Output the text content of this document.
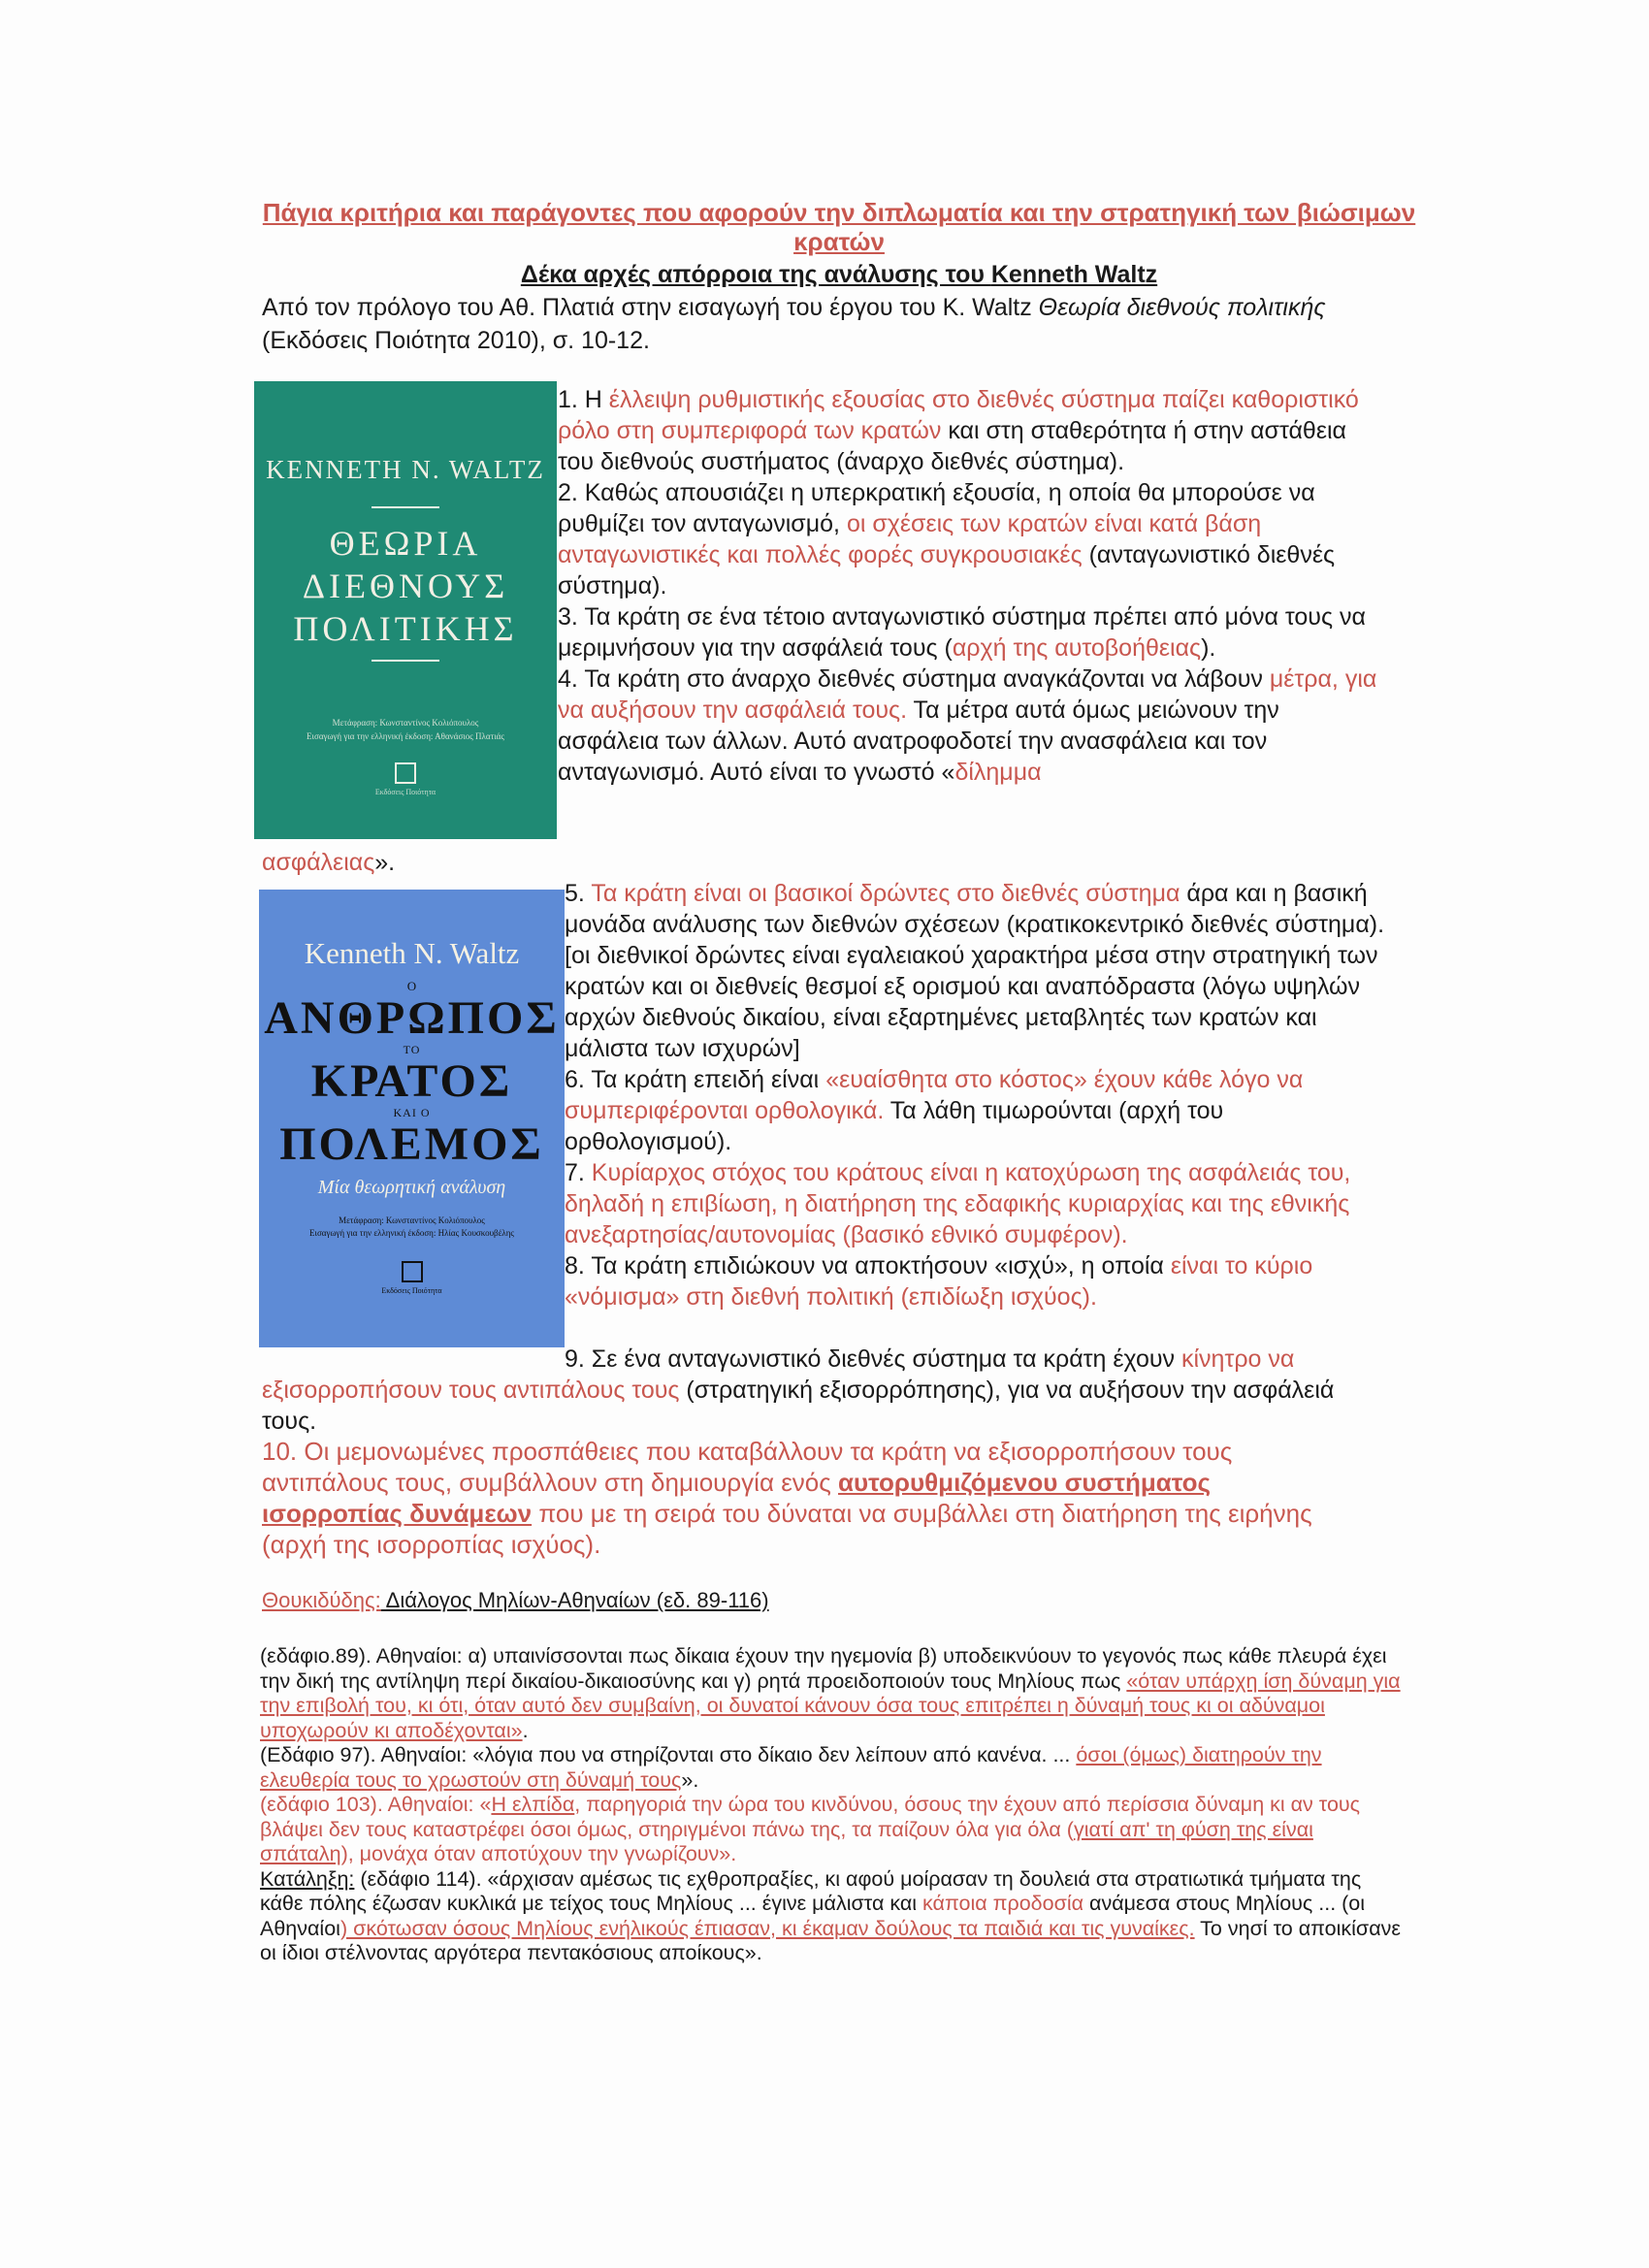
Πάγια κριτήρια και παράγοντες που αφορούν την διπλωματία και την στρατηγική των βιώσιμων κρατών
Δέκα αρχές απόρροια της ανάλυσης του Kenneth Waltz
Από τον πρόλογο του Αθ. Πλατιά στην εισαγωγή του έργου του Κ. Waltz Θεωρία διεθνούς πολιτικής (Εκδόσεις Ποιότητα 2010), σ. 10-12.
KENNETH N. WALTZ
ΘΕΩΡΙΑ
ΔΙΕΘΝΟΥΣ
ΠΟΛΙΤΙΚΗΣ
Μετάφραση: Κωνσταντίνος Κολιόπουλος
Εισαγωγή για την ελληνική έκδοση: Αθανάσιος Πλατιάς
Εκδόσεις Ποιότητα
Kenneth N. Waltz
Ο
ΑΝΘΡΩΠΟΣ
ΤΟ
ΚΡΑΤΟΣ
ΚΑΙ Ο
ΠΟΛΕΜΟΣ
Μία θεωρητική ανάλυση
Μετάφραση: Κωνσταντίνος Κολιόπουλος
Εισαγωγή για την ελληνική έκδοση: Ηλίας Κουσκουβέλης
Εκδόσεις Ποιότητα
1. Η έλλειψη ρυθμιστικής εξουσίας στο διεθνές σύστημα παίζει καθοριστικό ρόλο στη συμπεριφορά των κρατών και στη σταθερότητα ή στην αστάθεια του διεθνούς συστήματος (άναρχο διεθνές σύστημα).
2. Καθώς απουσιάζει η υπερκρατική εξουσία, η οποία θα μπορούσε να ρυθμίζει τον ανταγωνισμό, οι σχέσεις των κρατών είναι κατά βάση ανταγωνιστικές και πολλές φορές συγκρουσιακές (ανταγωνιστικό διεθνές σύστημα).
3. Τα κράτη σε ένα τέτοιο ανταγωνιστικό σύστημα πρέπει από μόνα τους να μεριμνήσουν για την ασφάλειά τους (αρχή της αυτοβοήθειας).
4. Τα κράτη στο άναρχο διεθνές σύστημα αναγκάζονται να λάβουν μέτρα, για να αυξήσουν την ασφάλειά τους. Τα μέτρα αυτά όμως μειώνουν την ασφάλεια των άλλων. Αυτό ανατροφοδοτεί την ανασφάλεια και τον ανταγωνισμό. Αυτό είναι το γνωστό «δίλημμα
ασφάλειας».
5. Τα κράτη είναι οι βασικοί δρώντες στο διεθνές σύστημα άρα και η βασική μονάδα ανάλυσης των διεθνών σχέσεων (κρατικοκεντρικό διεθνές σύστημα). [οι διεθνικοί δρώντες είναι εγαλειακού χαρακτήρα μέσα στην στρατηγική των κρατών και οι διεθνείς θεσμοί εξ ορισμού και αναπόδραστα (λόγω υψηλών αρχών διεθνούς δικαίου, είναι εξαρτημένες μεταβλητές των κρατών και μάλιστα των ισχυρών]
6. Τα κράτη επειδή είναι «ευαίσθητα στο κόστος» έχουν κάθε λόγο να συμπεριφέρονται ορθολογικά. Τα λάθη τιμωρούνται (αρχή του ορθολογισμού).
7. Κυρίαρχος στόχος του κράτους είναι η κατοχύρωση της ασφάλειάς του, δηλαδή η επιβίωση, η διατήρηση της εδαφικής κυριαρχίας και της εθνικής ανεξαρτησίας/αυτονομίας (βασικό εθνικό συμφέρον).
8. Τα κράτη επιδιώκουν να αποκτήσουν «ισχύ», η οποία είναι το κύριο «νόμισμα» στη διεθνή πολιτική (επιδίωξη ισχύος).
9. Σε ένα ανταγωνιστικό διεθνές σύστημα τα κράτη έχουν κίνητρο να εξισορροπήσουν τους αντιπάλους τους (στρατηγική εξισορρόπησης), για να αυξήσουν την ασφάλειά τους.
10. Οι μεμονωμένες προσπάθειες που καταβάλλουν τα κράτη να εξισορροπήσουν τους αντιπάλους τους, συμβάλλουν στη δημιουργία ενός αυτορυθμιζόμενου συστήματος ισορροπίας δυνάμεων που με τη σειρά του δύναται να συμβάλλει στη διατήρηση της ειρήνης (αρχή της ισορροπίας ισχύος).
Θουκιδύδης: Διάλογος Μηλίων-Αθηναίων (εδ. 89-116)
(εδάφιο.89). Αθηναίοι: α) υπαινίσσονται πως δίκαια έχουν την ηγεμονία β) υποδεικνύουν το γεγονός πως κάθε πλευρά έχει την δική της αντίληψη περί δικαίου-δικαιοσύνης και γ) ρητά προειδοποιούν τους Μηλίους πως «όταν υπάρχη ίση δύναμη για την επιβολή του, κι ότι, όταν αυτό δεν συμβαίνη, οι δυνατοί κάνουν όσα τους επιτρέπει η δύναμή τους κι οι αδύναμοι υποχωρούν κι αποδέχονται».
(Εδάφιο 97). Αθηναίοι: «λόγια που να στηρίζονται στο δίκαιο δεν λείπουν από κανένα. ... όσοι (όμως) διατηρούν την ελευθερία τους το χρωστούν στη δύναμή τους».
(εδάφιο 103). Αθηναίοι: «Η ελπίδα, παρηγοριά την ώρα του κινδύνου, όσους την έχουν από περίσσια δύναμη κι αν τους βλάψει δεν τους καταστρέφει όσοι όμως, στηριγμένοι πάνω της, τα παίζουν όλα για όλα (γιατί απ' τη φύση της είναι σπάταλη), μονάχα όταν αποτύχουν την γνωρίζουν».
Κατάληξη: (εδάφιο 114). «άρχισαν αμέσως τις εχθροπραξίες, κι αφού μοίρασαν τη δουλειά στα στρατιωτικά τμήματα της κάθε πόλης έζωσαν κυκλικά με τείχος τους Μηλίους ... έγινε μάλιστα και κάποια προδοσία ανάμεσα στους Μηλίους ... (οι Αθηναίοι) σκότωσαν όσους Μηλίους ενήλικούς έπιασαν, κι έκαμαν δούλους τα παιδιά και τις γυναίκες. Το νησί το αποικίσανε οι ίδιοι στέλνοντας αργότερα πεντακόσιους αποίκους».
